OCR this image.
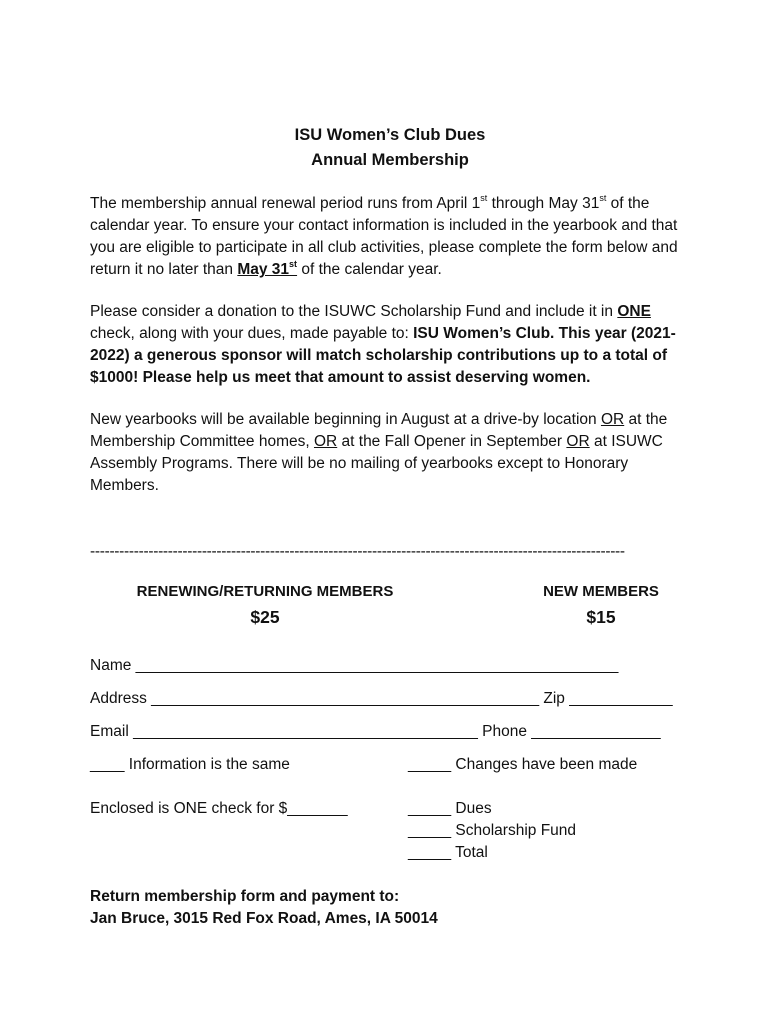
ISU Women’s Club Dues
Annual Membership

The membership annual renewal period runs from April 1st through May 31st of the calendar year. To ensure your contact information is included in the yearbook and that you are eligible to participate in all club activities, please complete the form below and return it no later than May 31st of the calendar year.

Please consider a donation to the ISUWC Scholarship Fund and include it in ONE check, along with your dues, made payable to: ISU Women’s Club. This year (2021-2022) a generous sponsor will match scholarship contributions up to a total of $1000! Please help us meet that amount to assist deserving women.

New yearbooks will be available beginning in August at a drive-by location OR at the Membership Committee homes, OR at the Fall Opener in September OR at ISUWC Assembly Programs. There will be no mailing of yearbooks except to Honorary Members.

--------------------------------------------------------------------------------------------------------------
RENEWING/RETURNING MEMBERS
$25
NEW MEMBERS
$15
Name ________________________________________________________
Address _____________________________________________ Zip ____________
Email ________________________________________ Phone _______________
____ Information is the same	_____ Changes have been made
Enclosed is ONE check for $_______	_____ Dues
_____ Scholarship Fund
_____ Total
Return membership form and payment to:
Jan Bruce, 3015 Red Fox Road, Ames, IA 50014
